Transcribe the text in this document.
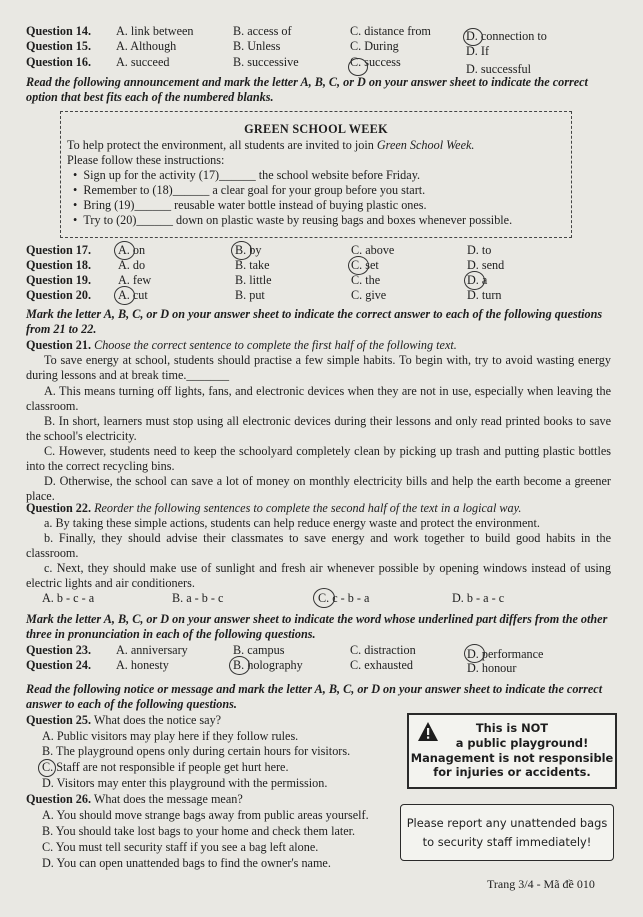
Question 14. A. link between	B. access of	C. distance from	D. connection to
Question 15. A. Although	B. Unless	C. During	D. If
Question 16. A. succeed	B. successive	C. success	D. successful
Read the following announcement and mark the letter A, B, C, or D on your answer sheet to indicate the correct option that best fits each of the numbered blanks.
GREEN SCHOOL WEEK
To help protect the environment, all students are invited to join Green School Week.
Please follow these instructions:
•  Sign up for the activity (17)______ the school website before Friday.
•  Remember to (18)______ a clear goal for your group before you start.
•  Bring (19)______ reusable water bottle instead of buying plastic ones.
•  Try to (20)______ down on plastic waste by reusing bags and boxes whenever possible.
Question 17. A. on	B. by	C. above	D. to
Question 18. A. do	B. take	C. set	D. send
Question 19. A. few	B. little	C. the	D. a
Question 20. A. cut	B. put	C. give	D. turn
Mark the letter A, B, C, or D on your answer sheet to indicate the correct answer to each of the following questions from 21 to 22.
Question 21. Choose the correct sentence to complete the first half of the following text.
To save energy at school, students should practise a few simple habits. To begin with, try to avoid wasting energy during lessons and at break time._______
A. This means turning off lights, fans, and electronic devices when they are not in use, especially when leaving the classroom.
B. In short, learners must stop using all electronic devices during their lessons and only read printed books to save the school's electricity.
C. However, students need to keep the schoolyard completely clean by picking up trash and putting plastic bottles into the correct recycling bins.
D. Otherwise, the school can save a lot of money on monthly electricity bills and help the earth become a greener place.
Question 22. Reorder the following sentences to complete the second half of the text in a logical way.
a. By taking these simple actions, students can help reduce energy waste and protect the environment.
b. Finally, they should advise their classmates to save energy and work together to build good habits in the classroom.
c. Next, they should make use of sunlight and fresh air whenever possible by opening windows instead of using electric lights and air conditioners.
A. b - c - a	B. a - b - c	C. c - b - a	D. b - a - c
Mark the letter A, B, C, or D on your answer sheet to indicate the word whose underlined part differs from the other three in pronunciation in each of the following questions.
Question 23. A. anniversary	B. campus	C. distraction	D. performance
Question 24. A. honesty	B. holography	C. exhausted	D. honour
Read the following notice or message and mark the letter A, B, C, or D on your answer sheet to indicate the correct answer to each of the following questions.
Question 25. What does the notice say?
A. Public visitors may play here if they follow rules.
B. The playground opens only during certain hours for visitors.
C. Staff are not responsible if people get hurt here.
D. Visitors may enter this playground with the permission.
This is NOT
a public playground!
Management is not responsible
for injuries or accidents.
Question 26. What does the message mean?
A. You should move strange bags away from public areas yourself.
B. You should take lost bags to your home and check them later.
C. You must tell security staff if you see a bag left alone.
D. You can open unattended bags to find the owner's name.
Please report any unattended bags
to security staff immediately!
Trang 3/4 - Mã đề 010
